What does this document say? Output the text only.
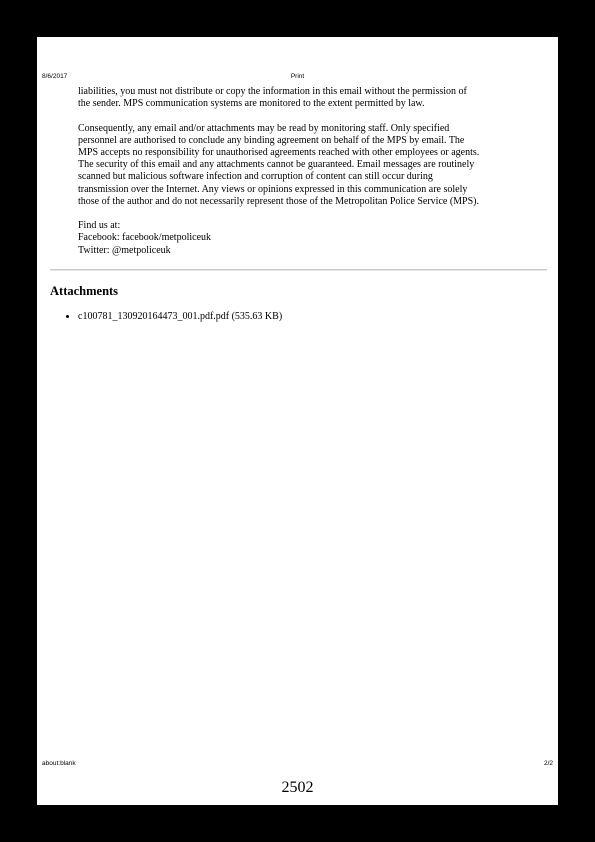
8/6/2017	Print

liabilities, you must not distribute or copy the information in this email without the permission of

the sender. MPS communication systems are monitored to the extent permitted by law.

Consequently, any email and/or attachments may be read by monitoring staff. Only specified

personnel are authorised to conclude any binding agreement on behalf of the MPS by email. The

MPS accepts no responsibility for unauthorised agreements reached with other employees or agents.

The security of this email and any attachments cannot be guaranteed. Email messages are routinely

scanned but malicious software infection and corruption of content can still occur during

transmission over the Internet. Any views or opinions expressed in this communication are solely

those of the author and do not necessarily represent those of the Metropolitan Police Service (MPS).

Find us at:

Facebook: facebook/metpoliceuk

Twitter: @metpoliceuk

Attachments
• c100781_130920164473_001.pdf.pdf (535.63 KB)
about:blank	2/2
2502
